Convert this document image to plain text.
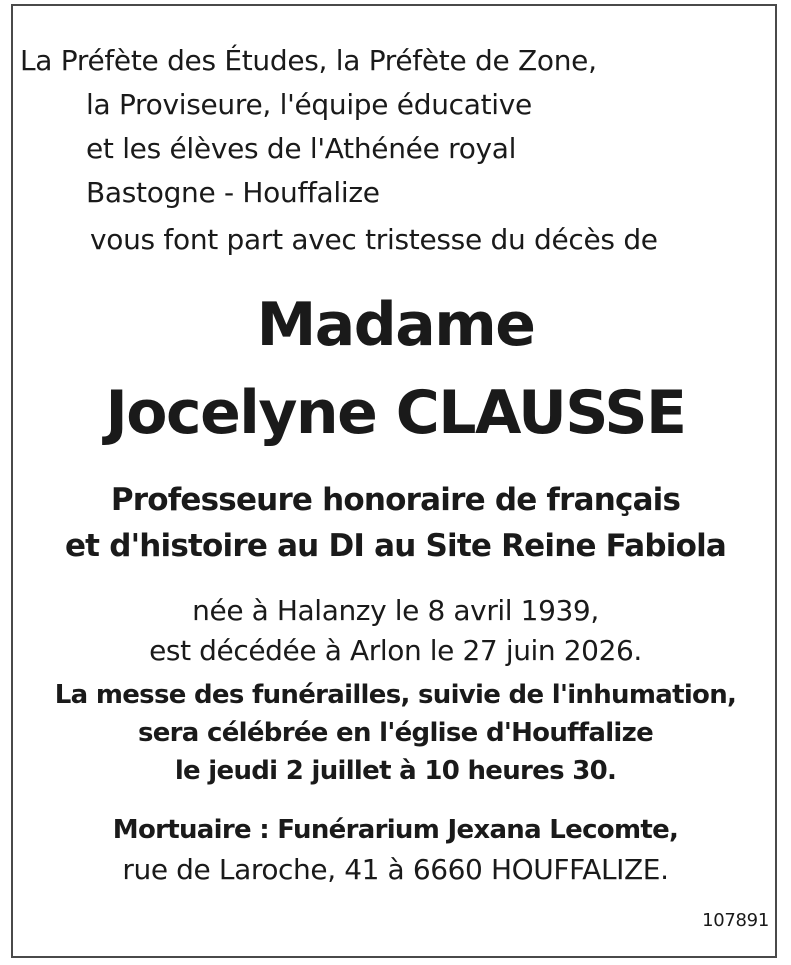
La Préfète des Études, la Préfète de Zone,
la Proviseure, l'équipe éducative
et les élèves de l'Athénée royal
Bastogne - Houffalize
vous font part avec tristesse du décès de
Madame
Jocelyne CLAUSSE
Professeure honoraire de français
et d'histoire au DI au Site Reine Fabiola
née à Halanzy le 8 avril 1939,
est décédée à Arlon le 27 juin 2026.
La messe des funérailles, suivie de l'inhumation,
sera célébrée en l'église d'Houffalize
le jeudi 2 juillet à 10 heures 30.
Mortuaire : Funérarium Jexana Lecomte,
rue de Laroche, 41 à 6660 HOUFFALIZE.
107891
